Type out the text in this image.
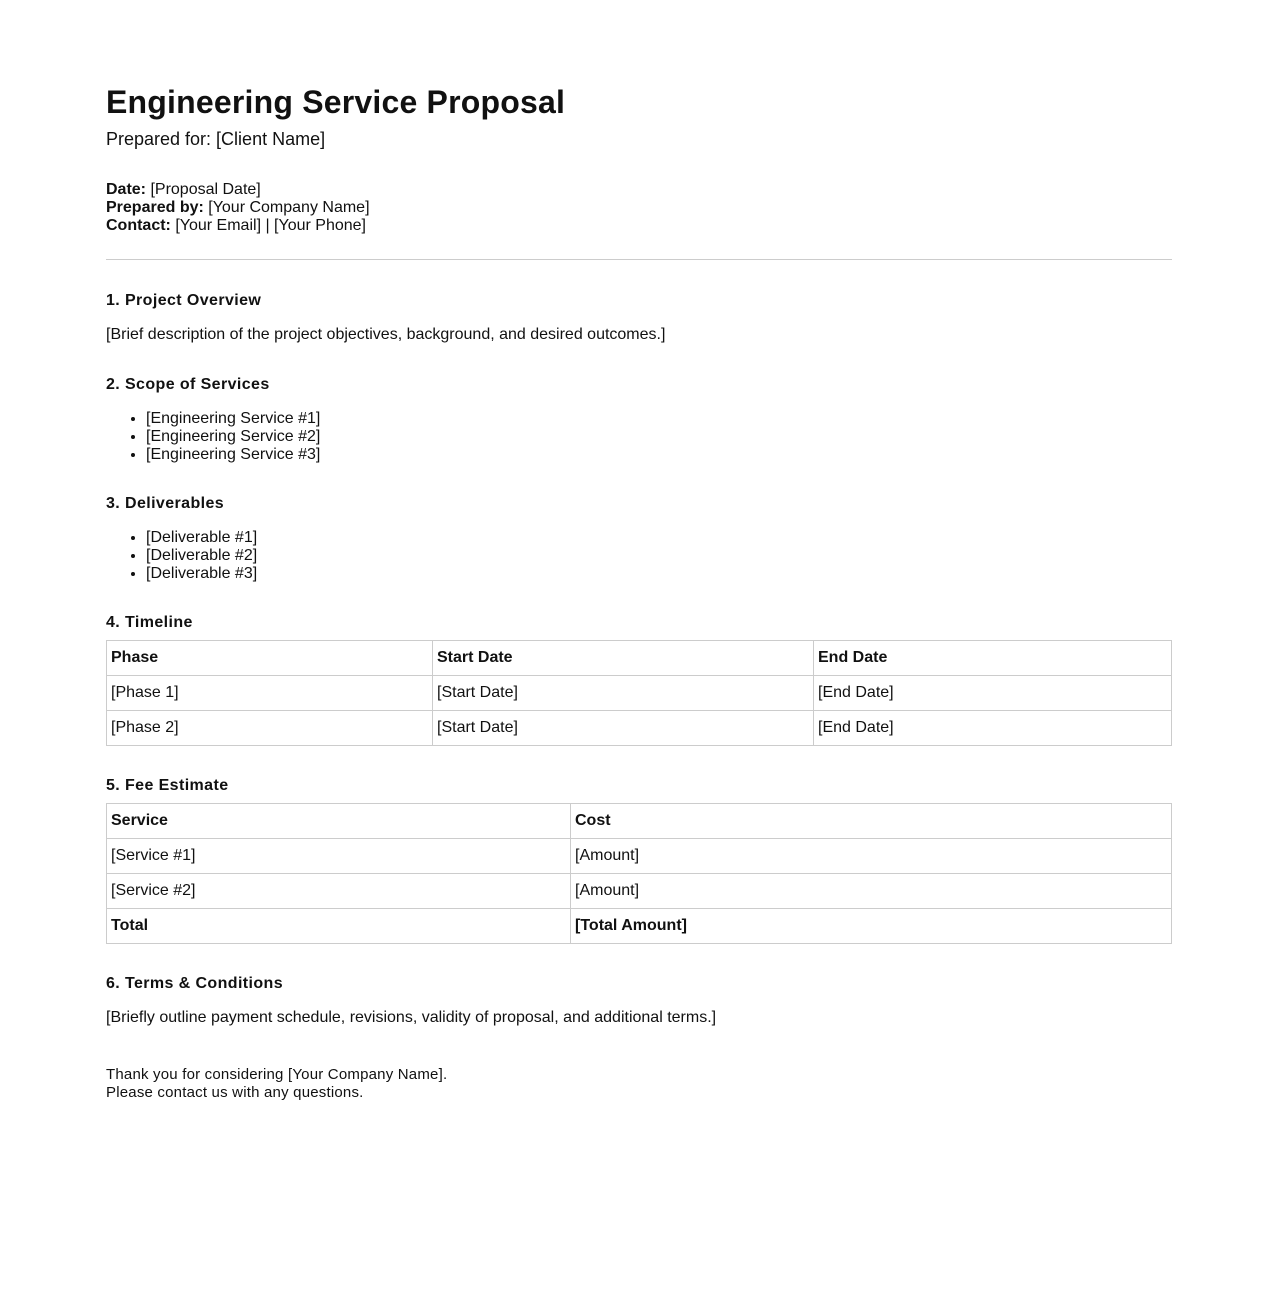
Engineering Service Proposal
Prepared for: [Client Name]
Date: [Proposal Date]
Prepared by: [Your Company Name]
Contact: [Your Email] | [Your Phone]
1. Project Overview
[Brief description of the project objectives, background, and desired outcomes.]
2. Scope of Services
• [Engineering Service #1]
• [Engineering Service #2]
• [Engineering Service #3]
3. Deliverables
• [Deliverable #1]
• [Deliverable #2]
• [Deliverable #3]
4. Timeline
Phase	Start Date	End Date
[Phase 1]	[Start Date]	[End Date]
[Phase 2]	[Start Date]	[End Date]
5. Fee Estimate
Service	Cost
[Service #1]	[Amount]
[Service #2]	[Amount]
Total	[Total Amount]
6. Terms & Conditions
[Briefly outline payment schedule, revisions, validity of proposal, and additional terms.]
Thank you for considering [Your Company Name].
Please contact us with any questions.
